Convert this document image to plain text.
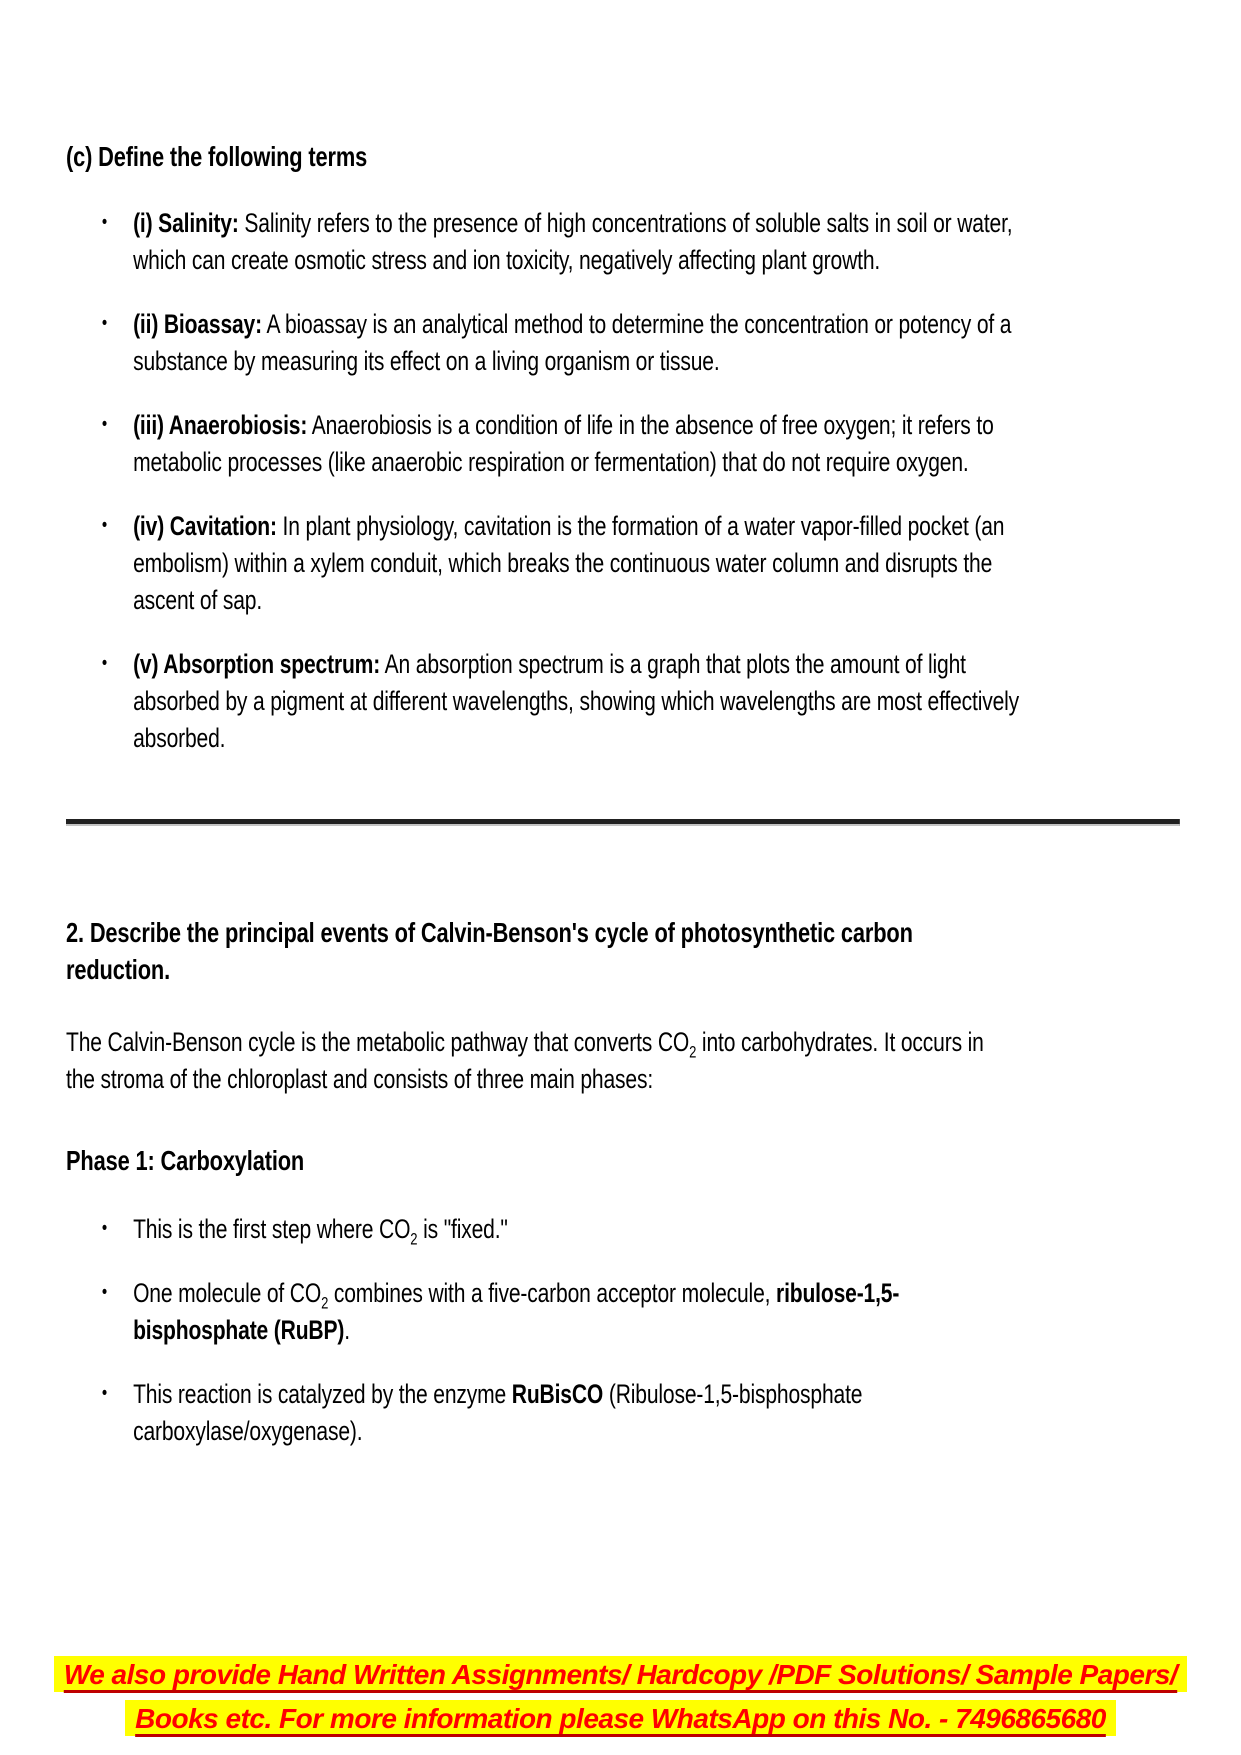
(c) Define the following terms
• (i) Salinity: Salinity refers to the presence of high concentrations of soluble salts in soil or water, which can create osmotic stress and ion toxicity, negatively affecting plant growth.
• (ii) Bioassay: A bioassay is an analytical method to determine the concentration or potency of a substance by measuring its effect on a living organism or tissue.
• (iii) Anaerobiosis: Anaerobiosis is a condition of life in the absence of free oxygen; it refers to metabolic processes (like anaerobic respiration or fermentation) that do not require oxygen.
• (iv) Cavitation: In plant physiology, cavitation is the formation of a water vapor-filled pocket (an embolism) within a xylem conduit, which breaks the continuous water column and disrupts the ascent of sap.
• (v) Absorption spectrum: An absorption spectrum is a graph that plots the amount of light absorbed by a pigment at different wavelengths, showing which wavelengths are most effectively absorbed.
2. Describe the principal events of Calvin-Benson's cycle of photosynthetic carbon reduction.

The Calvin-Benson cycle is the metabolic pathway that converts $CO_2$ into carbohydrates. It occurs in the stroma of the chloroplast and consists of three main phases:

Phase 1: Carboxylation
• This is the first step where $CO_2$ is "fixed."
• One molecule of $CO_2$ combines with a five-carbon acceptor molecule, ribulose-1,5-bisphosphate (RuBP).
• This reaction is catalyzed by the enzyme RuBisCO (Ribulose-1,5-bisphosphate carboxylase/oxygenase).
We also provide Hand Written Assignments/ Hardcopy /PDF Solutions/ Sample Papers/
Books etc. For more information please WhatsApp on this No. - 7496865680
